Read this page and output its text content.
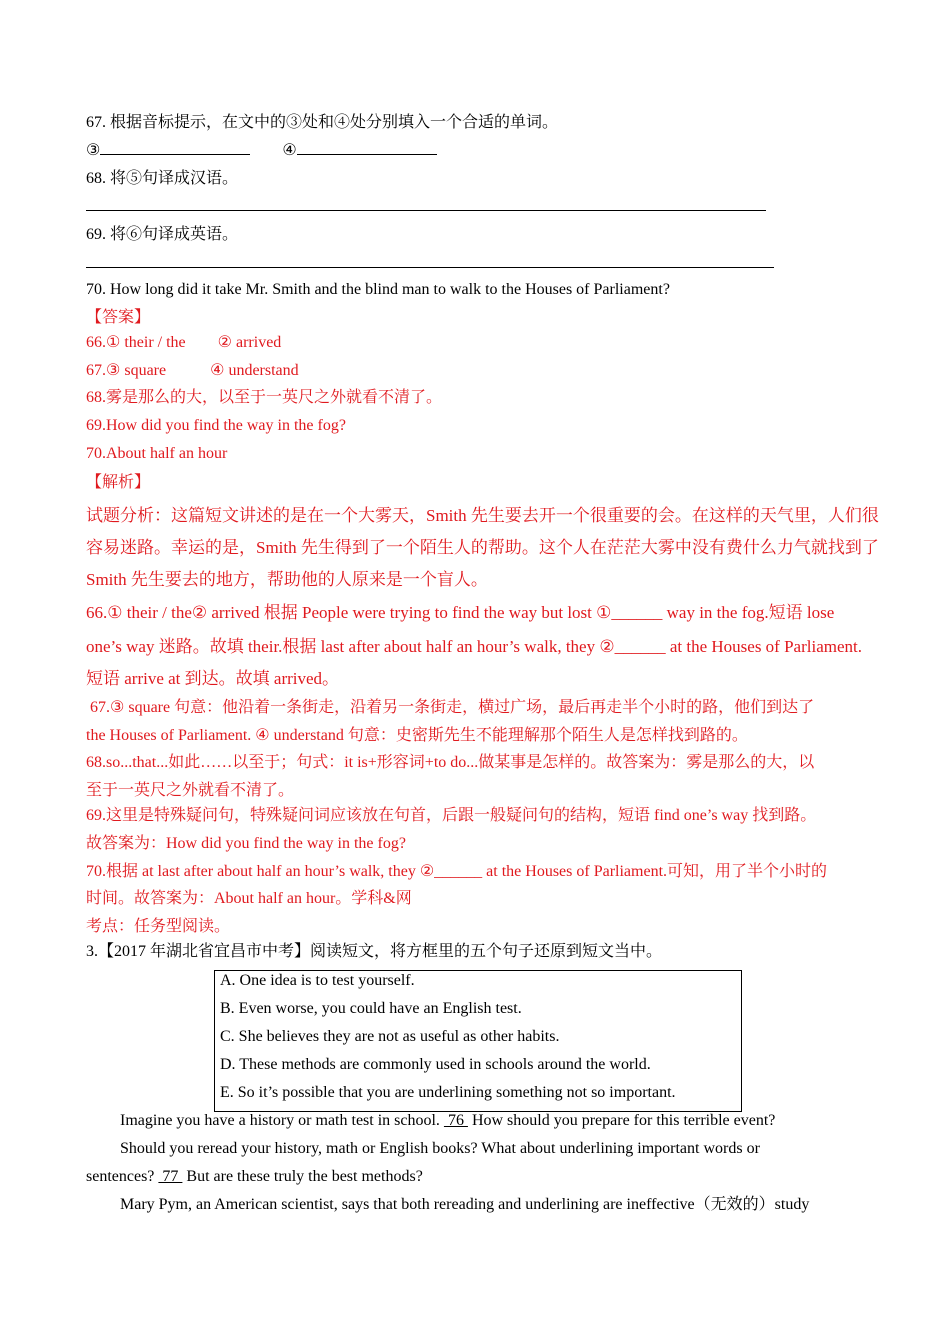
67. 根据音标提示，在文中的③处和④处分别填入一个合适的单词。
③	④
68. 将⑤句译成汉语。
69. 将⑥句译成英语。
70. How long did it take Mr. Smith and the blind man to walk to the Houses of Parliament?
【答案】
66.① their / the        ② arrived
67.③ square           ④ understand
68.雾是那么的大，以至于一英尺之外就看不清了。
69.How did you find the way in the fog?
70.About half an hour
【解析】
试题分析：这篇短文讲述的是在一个大雾天，Smith 先生要去开一个很重要的会。在这样的天气里，人们很
容易迷路。幸运的是，Smith 先生得到了一个陌生人的帮助。这个人在茫茫大雾中没有费什么力气就找到了
Smith 先生要去的地方，帮助他的人原来是一个盲人。
66.① their / the② arrived 根据 People were trying to find the way but lost ①______ way in the fog.短语 lose
one’s way 迷路。故填 their.根据 last after about half an hour’s walk, they ②______ at the Houses of Parliament.
短语 arrive at 到达。故填 arrived。
67.③ square 句意：他沿着一条街走，沿着另一条街走，横过广场，最后再走半个小时的路，他们到达了
the Houses of Parliament. ④ understand 句意：史密斯先生不能理解那个陌生人是怎样找到路的。
68.so...that...如此……以至于；句式：it is+形容词+to do...做某事是怎样的。故答案为：雾是那么的大，以
至于一英尺之外就看不清了。
69.这里是特殊疑问句，特殊疑问词应该放在句首，后跟一般疑问句的结构，短语 find one’s way 找到路。
故答案为：How did you find the way in the fog?
70.根据 at last after about half an hour’s walk, they ②______ at the Houses of Parliament.可知，用了半个小时的
时间。故答案为：About half an hour。学科&网
考点：任务型阅读。
3.【2017 年湖北省宜昌市中考】阅读短文，将方框里的五个句子还原到短文当中。
A. One idea is to test yourself.
B. Even worse, you could have an English test.
C. She believes they are not as useful as other habits.
D. These methods are commonly used in schools around the world.
E. So it’s possible that you are underlining something not so important.
Imagine you have a history or math test in school.  76  How should you prepare for this terrible event?
Should you reread your history, math or English books? What about underlining important words or
sentences?  77  But are these truly the best methods?
Mary Pym, an American scientist, says that both rereading and underlining are ineffective（无效的）study
